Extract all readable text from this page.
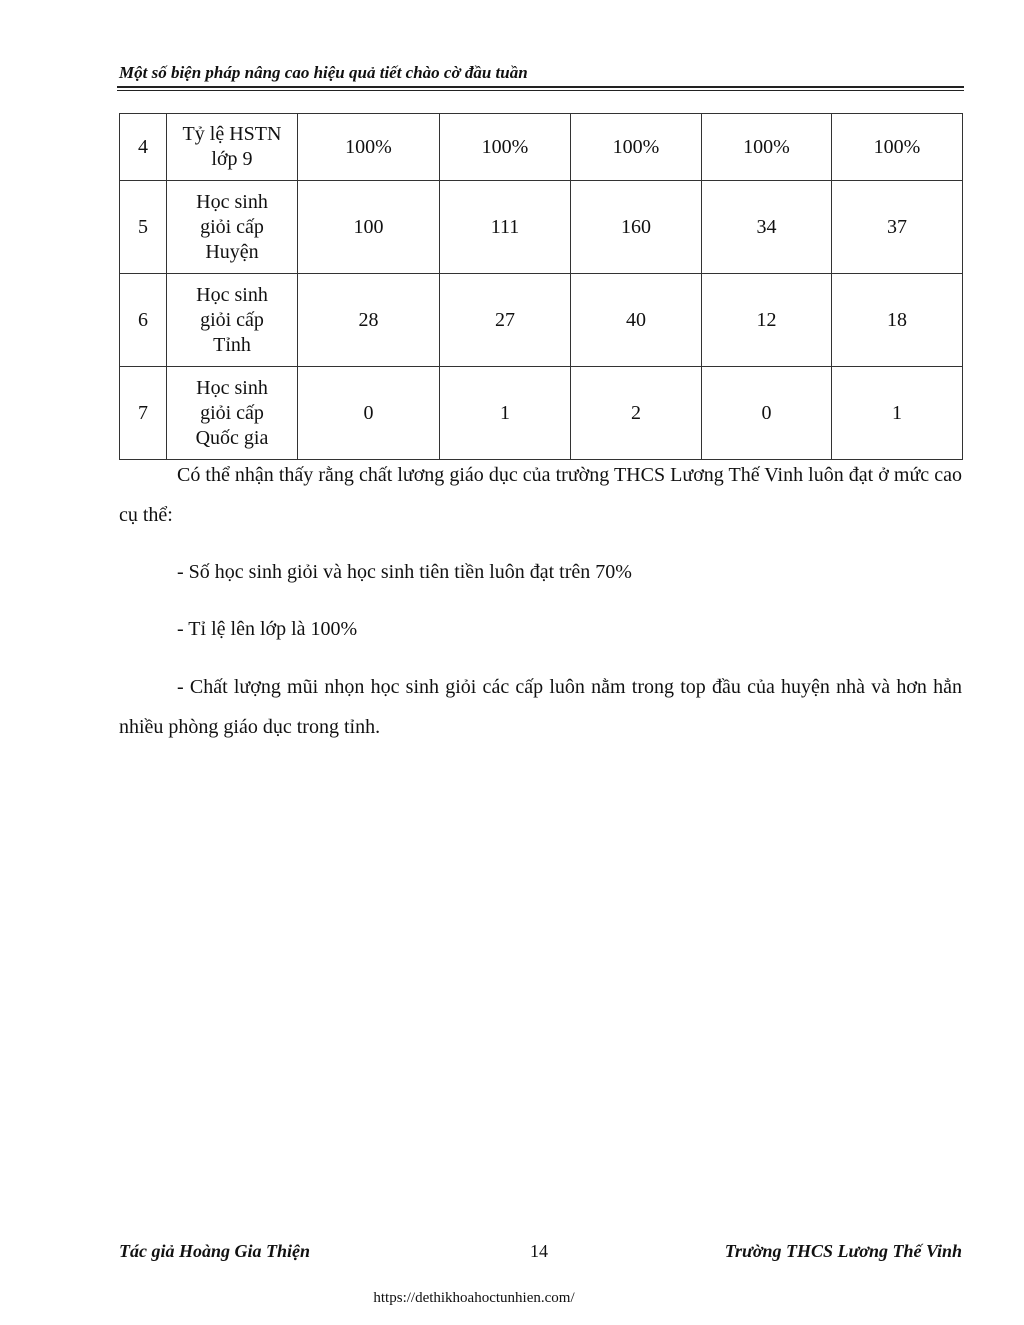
Một số biện pháp nâng cao hiệu quả tiết chào cờ đầu tuần
4	Tỷ lệ HSTN
lớp 9	100%	100%	100%	100%	100%
5	Học sinh
giỏi cấp
Huyện	100	111	160	34	37
6	Học sinh
giỏi cấp
Tỉnh	28	27	40	12	18
7	Học sinh
giỏi cấp
Quốc gia	0	1	2	0	1
Có thể nhận thấy rằng chất lương giáo dục của trường THCS Lương Thế Vinh luôn đạt ở mức cao cụ thể:
- Số học sinh giỏi và học sinh tiên tiền luôn đạt trên 70%
- Tỉ lệ lên lớp là 100%
- Chất lượng mũi nhọn học sinh giỏi các cấp luôn nằm trong top đầu của huyện nhà và hơn hẳn nhiều phòng giáo dục trong tỉnh.
Tác giả Hoàng Gia Thiện	14	Trường THCS Lương Thế Vinh
https://dethikhoahoctunhien.com/
